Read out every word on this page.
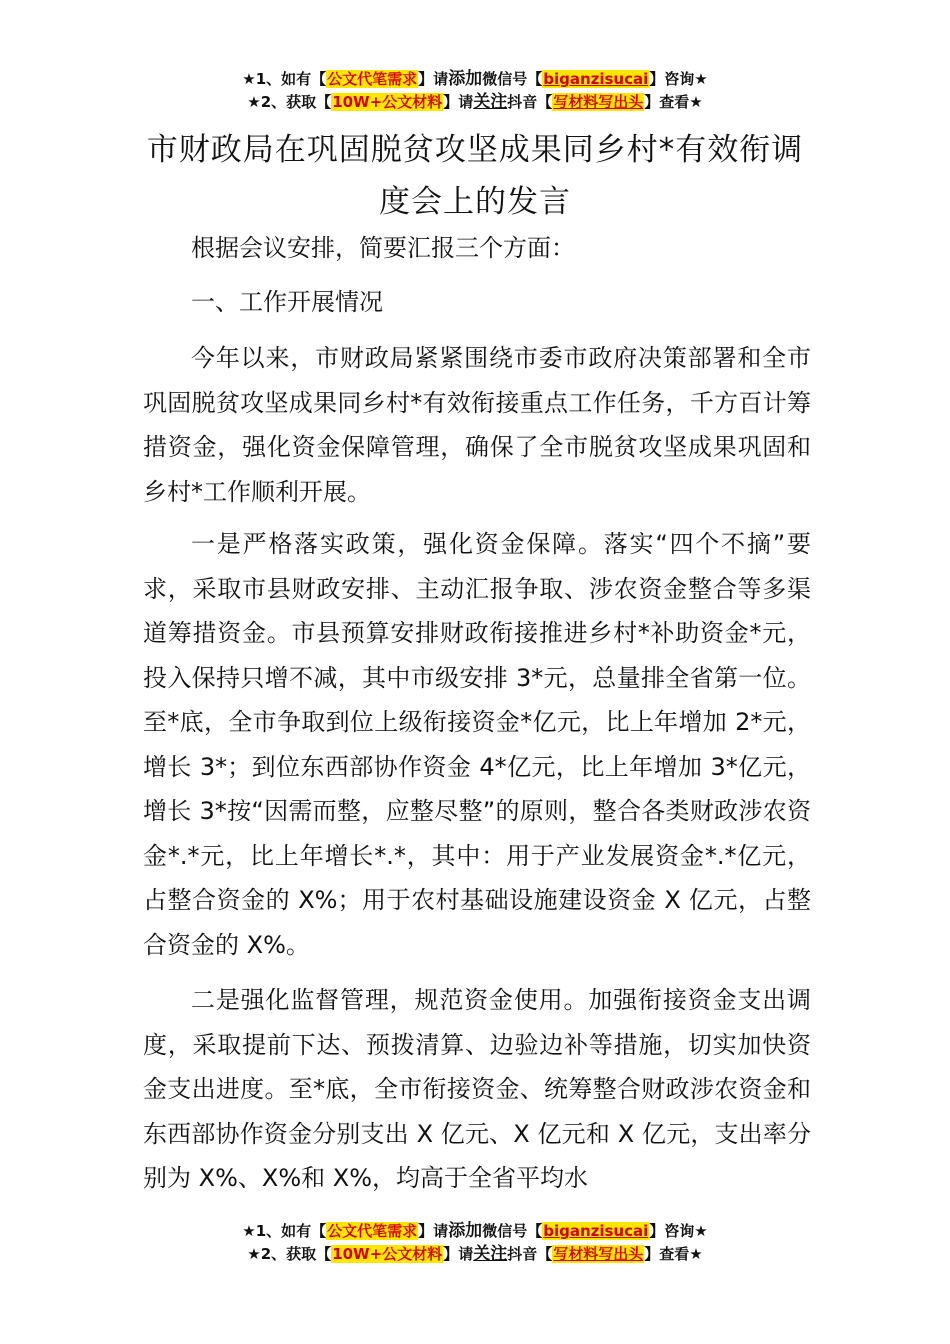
★1、如有【公文代笔需求】请添加微信号【biganzisucai】咨询★
★2、获取【10W+公文材料】请关注抖音【写材料写出头】查看★
市财政局在巩固脱贫攻坚成果同乡村*有效衔调度会上的发言

根据会议安排，简要汇报三个方面：

一、工作开展情况

今年以来，市财政局紧紧围绕市委市政府决策部署和全市巩固脱贫攻坚成果同乡村*有效衔接重点工作任务，千方百计筹措资金，强化资金保障管理，确保了全市脱贫攻坚成果巩固和乡村*工作顺利开展。

一是严格落实政策，强化资金保障。落实“四个不摘”要求，采取市县财政安排、主动汇报争取、涉农资金整合等多渠道筹措资金。市县预算安排财政衔接推进乡村*补助资金*元，投入保持只增不减，其中市级安排 3*元，总量排全省第一位。至*底，全市争取到位上级衔接资金*亿元，比上年增加 2*元，增长 3*；到位东西部协作资金 4*亿元，比上年增加 3*亿元，增长 3*按“因需而整，应整尽整”的原则，整合各类财政涉农资金*.*元，比上年增长*.*，其中：用于产业发展资金*.*亿元，占整合资金的 X%；用于农村基础设施建设资金 X 亿元，占整合资金的 X%。

二是强化监督管理，规范资金使用。加强衔接资金支出调度，采取提前下达、预拨清算、边验边补等措施，切实加快资金支出进度。至*底，全市衔接资金、统筹整合财政涉农资金和东西部协作资金分别支出 X 亿元、X 亿元和 X 亿元，支出率分别为 X%、X%和 X%，均高于全省平均水

★1、如有【公文代笔需求】请添加微信号【biganzisucai】咨询★
★2、获取【10W+公文材料】请关注抖音【写材料写出头】查看★
